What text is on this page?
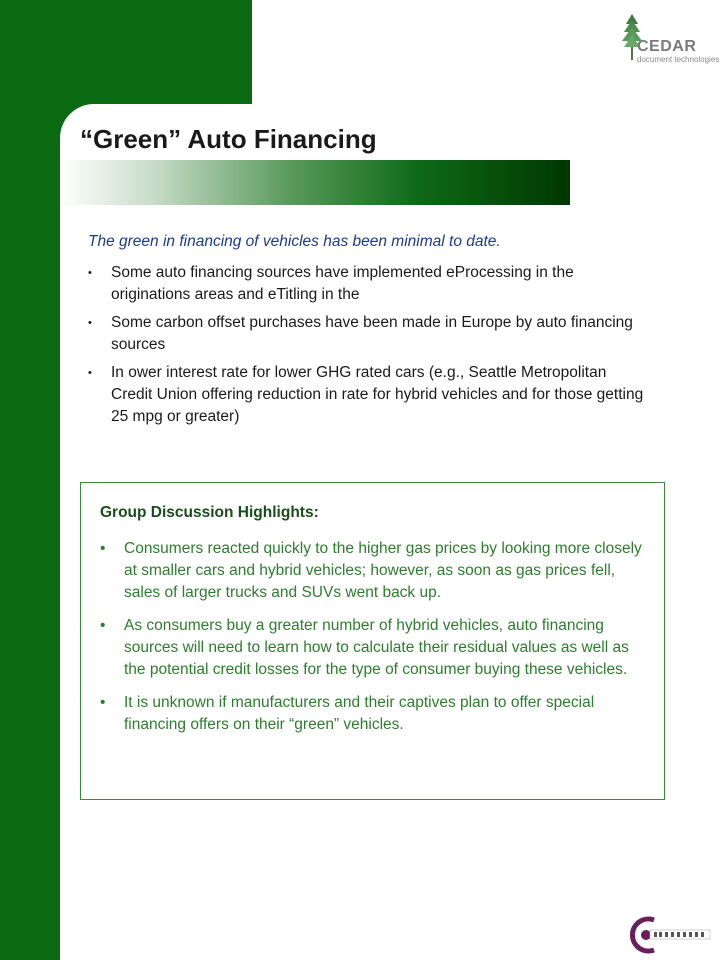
“Green” Auto Financing
CEDAR
document technologies
The green in financing of vehicles has been minimal to date.
• Some auto financing sources have implemented eProcessing in the originations areas and eTitling in the
• Some carbon offset purchases have been made in Europe by auto financing sources
• In ower interest rate for lower GHG rated cars (e.g., Seattle Metropolitan Credit Union offering reduction in rate for hybrid vehicles and for those getting 25 mpg or greater)
Group Discussion Highlights:
• Consumers reacted quickly to the higher gas prices by looking more closely at smaller cars and hybrid vehicles; however, as soon as gas prices fell, sales of larger trucks and SUVs went back up.
• As consumers buy a greater number of hybrid vehicles, auto financing sources will need to learn how to calculate their residual values as well as the potential credit losses for the type of consumer buying these vehicles.
• It is unknown if manufacturers and their captives plan to offer special financing offers on their “green” vehicles.
